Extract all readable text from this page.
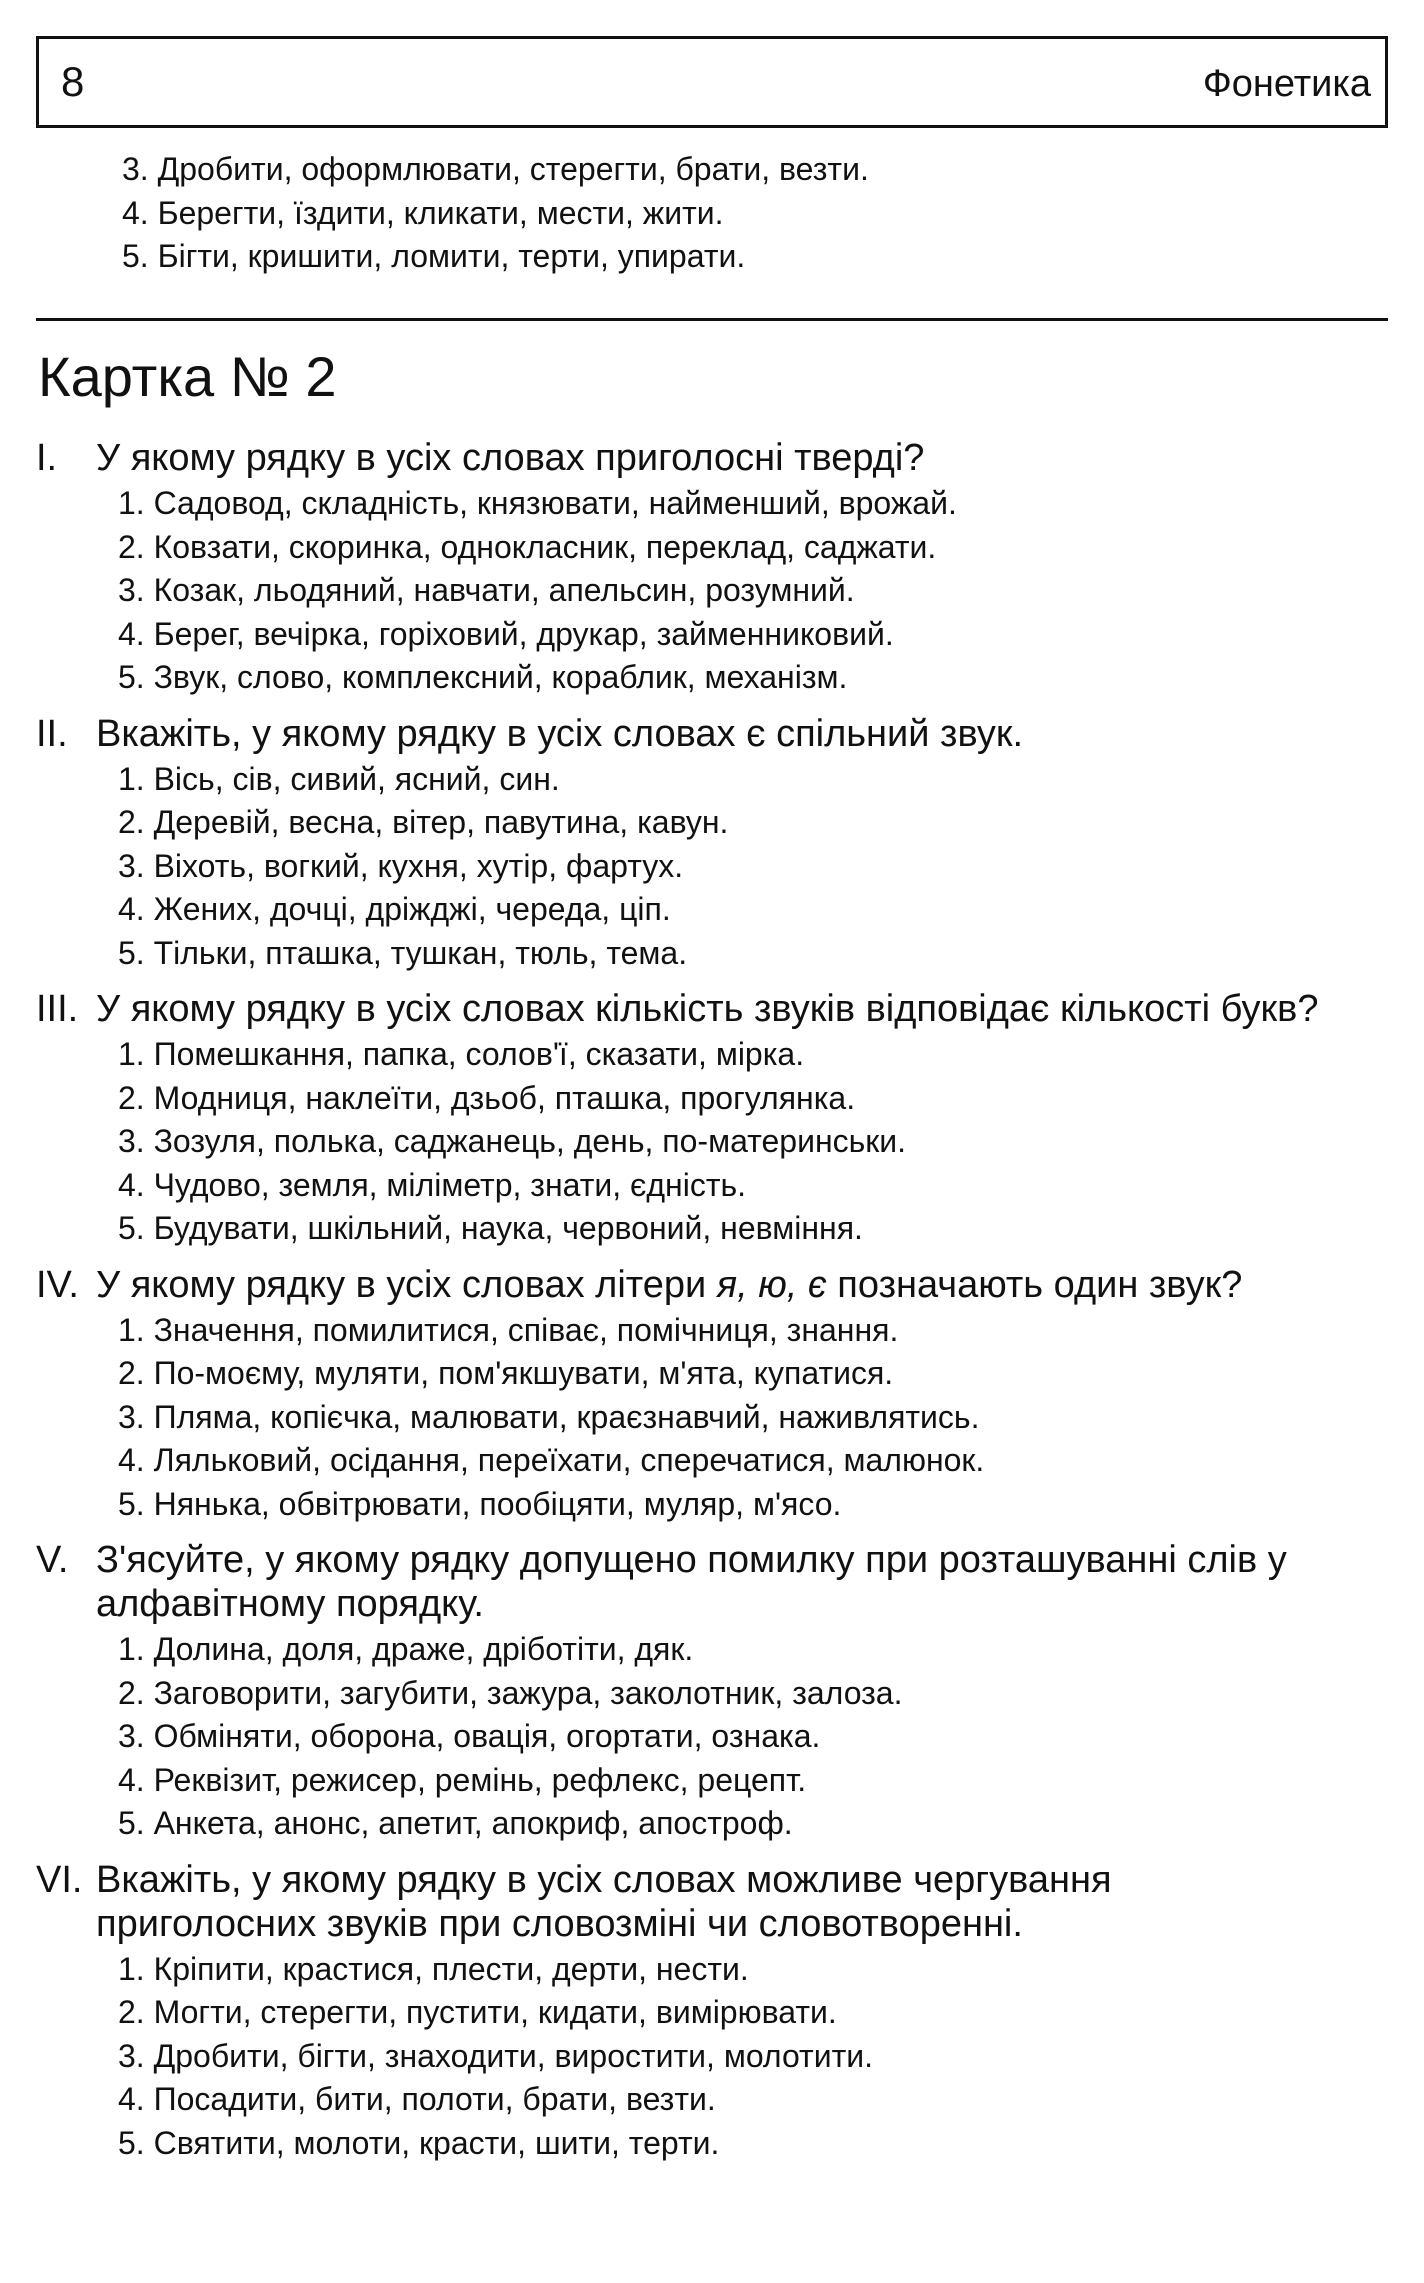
8	Фонетика
3. Дробити, оформлювати, стерегти, брати, везти.
4. Берегти, їздити, кликати, мести, жити.
5. Бігти, кришити, ломити, терти, упирати.
Картка № 2
I. У якому рядку в усіх словах приголосні тверді?
1. Садовод, складність, князювати, найменший, врожай.
2. Ковзати, скоринка, однокласник, переклад, саджати.
3. Козак, льодяний, навчати, апельсин, розумний.
4. Берег, вечірка, горіховий, друкар, займенниковий.
5. Звук, слово, комплексний, кораблик, механізм.
II. Вкажіть, у якому рядку в усіх словах є спільний звук.
1. Вісь, сів, сивий, ясний, син.
2. Деревій, весна, вітер, павутина, кавун.
3. Віхоть, вогкий, кухня, хутір, фартух.
4. Жених, дочці, дріжджі, череда, ціп.
5. Тільки, пташка, тушкан, тюль, тема.
III. У якому рядку в усіх словах кількість звуків відповідає кількості букв?
1. Помешкання, папка, солов'ї, сказати, мірка.
2. Модниця, наклеїти, дзьоб, пташка, прогулянка.
3. Зозуля, полька, саджанець, день, по-материнськи.
4. Чудово, земля, міліметр, знати, єдність.
5. Будувати, шкільний, наука, червоний, невміння.
IV. У якому рядку в усіх словах літери я, ю, є позначають один звук?
1. Значення, помилитися, співає, помічниця, знання.
2. По-моєму, муляти, пом'якшувати, м'ята, купатися.
3. Пляма, копієчка, малювати, краєзнавчий, наживлятись.
4. Ляльковий, осідання, переїхати, сперечатися, малюнок.
5. Нянька, обвітрювати, пообіцяти, муляр, м'ясо.
V. З'ясуйте, у якому рядку допущено помилку при розташуванні слів у алфавітному порядку.
1. Долина, доля, драже, дріботіти, дяк.
2. Заговорити, загубити, зажура, заколотник, залоза.
3. Обміняти, оборона, овація, огортати, ознака.
4. Реквізит, режисер, ремінь, рефлекс, рецепт.
5. Анкета, анонс, апетит, апокриф, апостроф.
VI. Вкажіть, у якому рядку в усіх словах можливе чергування приголосних звуків при словозміні чи словотворенні.
1. Кріпити, крастися, плести, дерти, нести.
2. Могти, стерегти, пустити, кидати, вимірювати.
3. Дробити, бігти, знаходити, виростити, молотити.
4. Посадити, бити, полоти, брати, везти.
5. Святити, молоти, красти, шити, терти.
